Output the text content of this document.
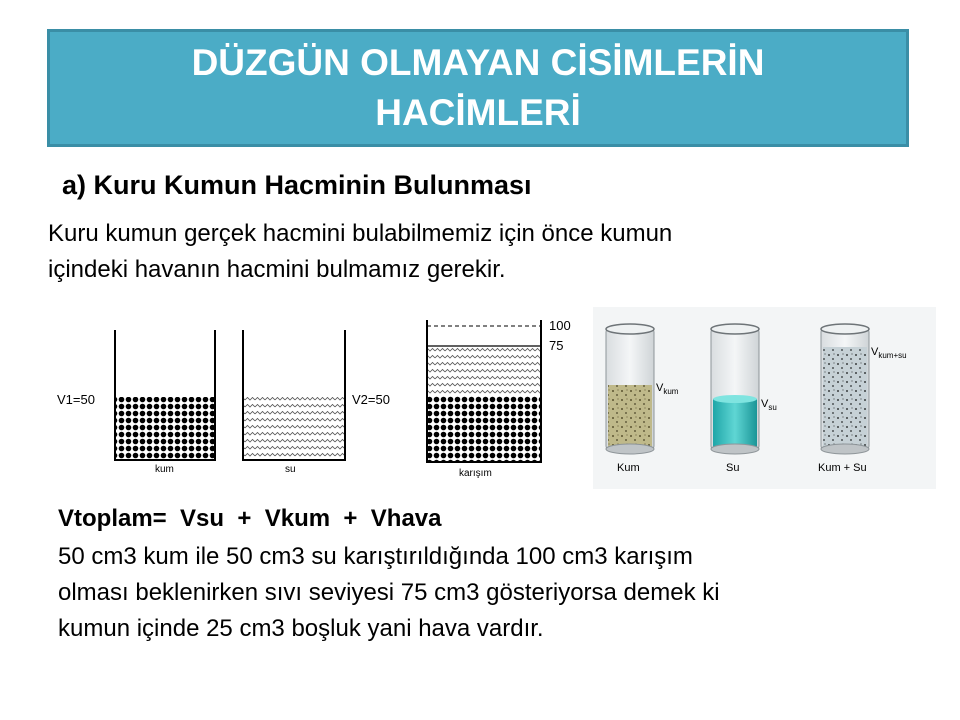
DÜZGÜN OLMAYAN CİSİMLERİN
HACİMLERİ
a) Kuru Kumun Hacminin Bulunması
Kuru kumun gerçek hacmini bulabilmemiz için önce kumun
içindeki havanın hacmini bulmamız gerekir.
V1=50
kum
V2=50
su
100
75
karışım
$V_{kum}$
Kum
$V_{su}$
Su
$V_{kum+su}$
Kum + Su
Vtoplam=  Vsu  +  Vkum  +  Vhava
50 cm3 kum ile 50 cm3 su karıştırıldığında 100 cm3 karışım
olması beklenirken sıvı seviyesi 75 cm3 gösteriyorsa demek ki
kumun içinde 25 cm3 boşluk yani hava vardır.
